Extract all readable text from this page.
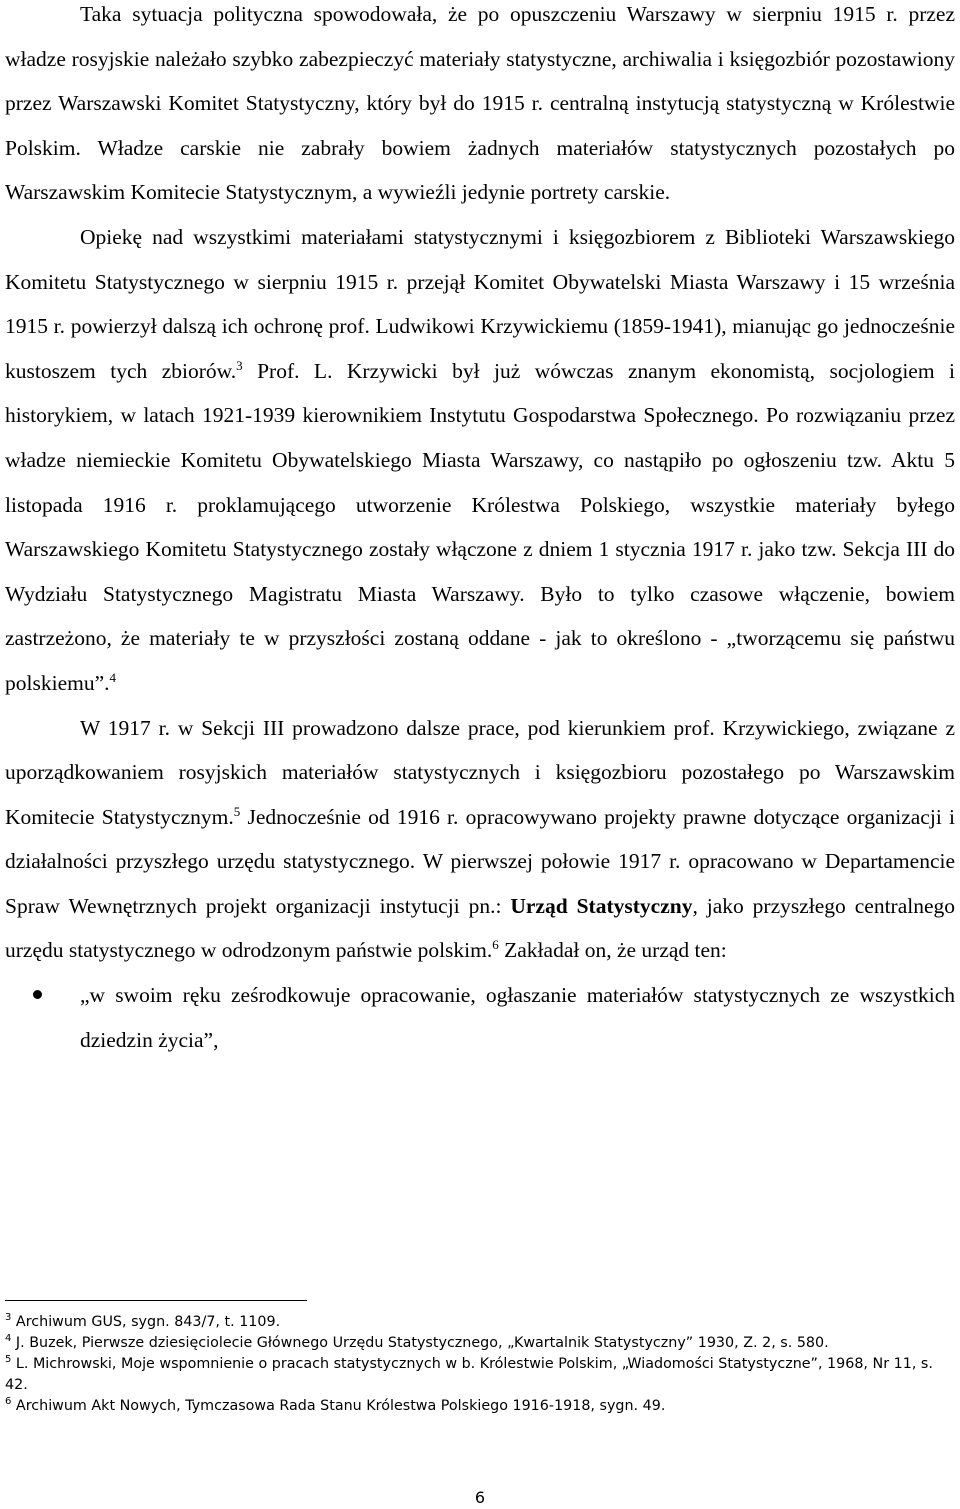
Taka sytuacja polityczna spowodowała, że po opuszczeniu Warszawy w sierpniu 1915 r. przez władze rosyjskie należało szybko zabezpieczyć materiały statystyczne, archiwalia i księgozbiór pozostawiony przez Warszawski Komitet Statystyczny, który był do 1915 r. centralną instytucją statystyczną w Królestwie Polskim. Władze carskie nie zabrały bowiem żadnych materiałów statystycznych pozostałych po Warszawskim Komitecie Statystycznym, a wywieźli jedynie portrety carskie.

Opiekę nad wszystkimi materiałami statystycznymi i księgozbiorem z Biblioteki Warszawskiego Komitetu Statystycznego w sierpniu 1915 r. przejął Komitet Obywatelski Miasta Warszawy i 15 września 1915 r. powierzył dalszą ich ochronę prof. Ludwikowi Krzywickiemu (1859-1941), mianując go jednocześnie kustoszem tych zbiorów.$^3$ Prof. L. Krzywicki był już wówczas znanym ekonomistą, socjologiem i historykiem, w latach 1921-1939 kierownikiem Instytutu Gospodarstwa Społecznego. Po rozwiązaniu przez władze niemieckie Komitetu Obywatelskiego Miasta Warszawy, co nastąpiło po ogłoszeniu tzw. Aktu 5 listopada 1916 r. proklamującego utworzenie Królestwa Polskiego, wszystkie materiały byłego Warszawskiego Komitetu Statystycznego zostały włączone z dniem 1 stycznia 1917 r. jako tzw. Sekcja III do Wydziału Statystycznego Magistratu Miasta Warszawy. Było to tylko czasowe włączenie, bowiem zastrzeżono, że materiały te w przyszłości zostaną oddane - jak to określono - „tworzącemu się państwu polskiemu”.$^4$

W 1917 r. w Sekcji III prowadzono dalsze prace, pod kierunkiem prof. Krzywickiego, związane z uporządkowaniem rosyjskich materiałów statystycznych i księgozbioru pozostałego po Warszawskim Komitecie Statystycznym.$^5$ Jednocześnie od 1916 r. opracowywano projekty prawne dotyczące organizacji i działalności przyszłego urzędu statystycznego. W pierwszej połowie 1917 r. opracowano w Departamencie Spraw Wewnętrznych projekt organizacji instytucji pn.: Urząd Statystyczny, jako przyszłego centralnego urzędu statystycznego w odrodzonym państwie polskim.$^6$ Zakładał on, że urząd ten:

„w swoim ręku ześrodkowuje opracowanie, ogłaszanie materiałów statystycznych ze wszystkich dziedzin życia”,

$^3$ Archiwum GUS, sygn. 843/7, t. 1109.

$^4$ J. Buzek, Pierwsze dziesięciolecie Głównego Urzędu Statystycznego, „Kwartalnik Statystyczny” 1930, Z. 2, s. 580.

$^5$ L. Michrowski, Moje wspomnienie o pracach statystycznych w b. Królestwie Polskim, „Wiadomości Statystyczne”, 1968, Nr 11, s. 42.

$^6$ Archiwum Akt Nowych, Tymczasowa Rada Stanu Królestwa Polskiego 1916-1918, sygn. 49.

6
